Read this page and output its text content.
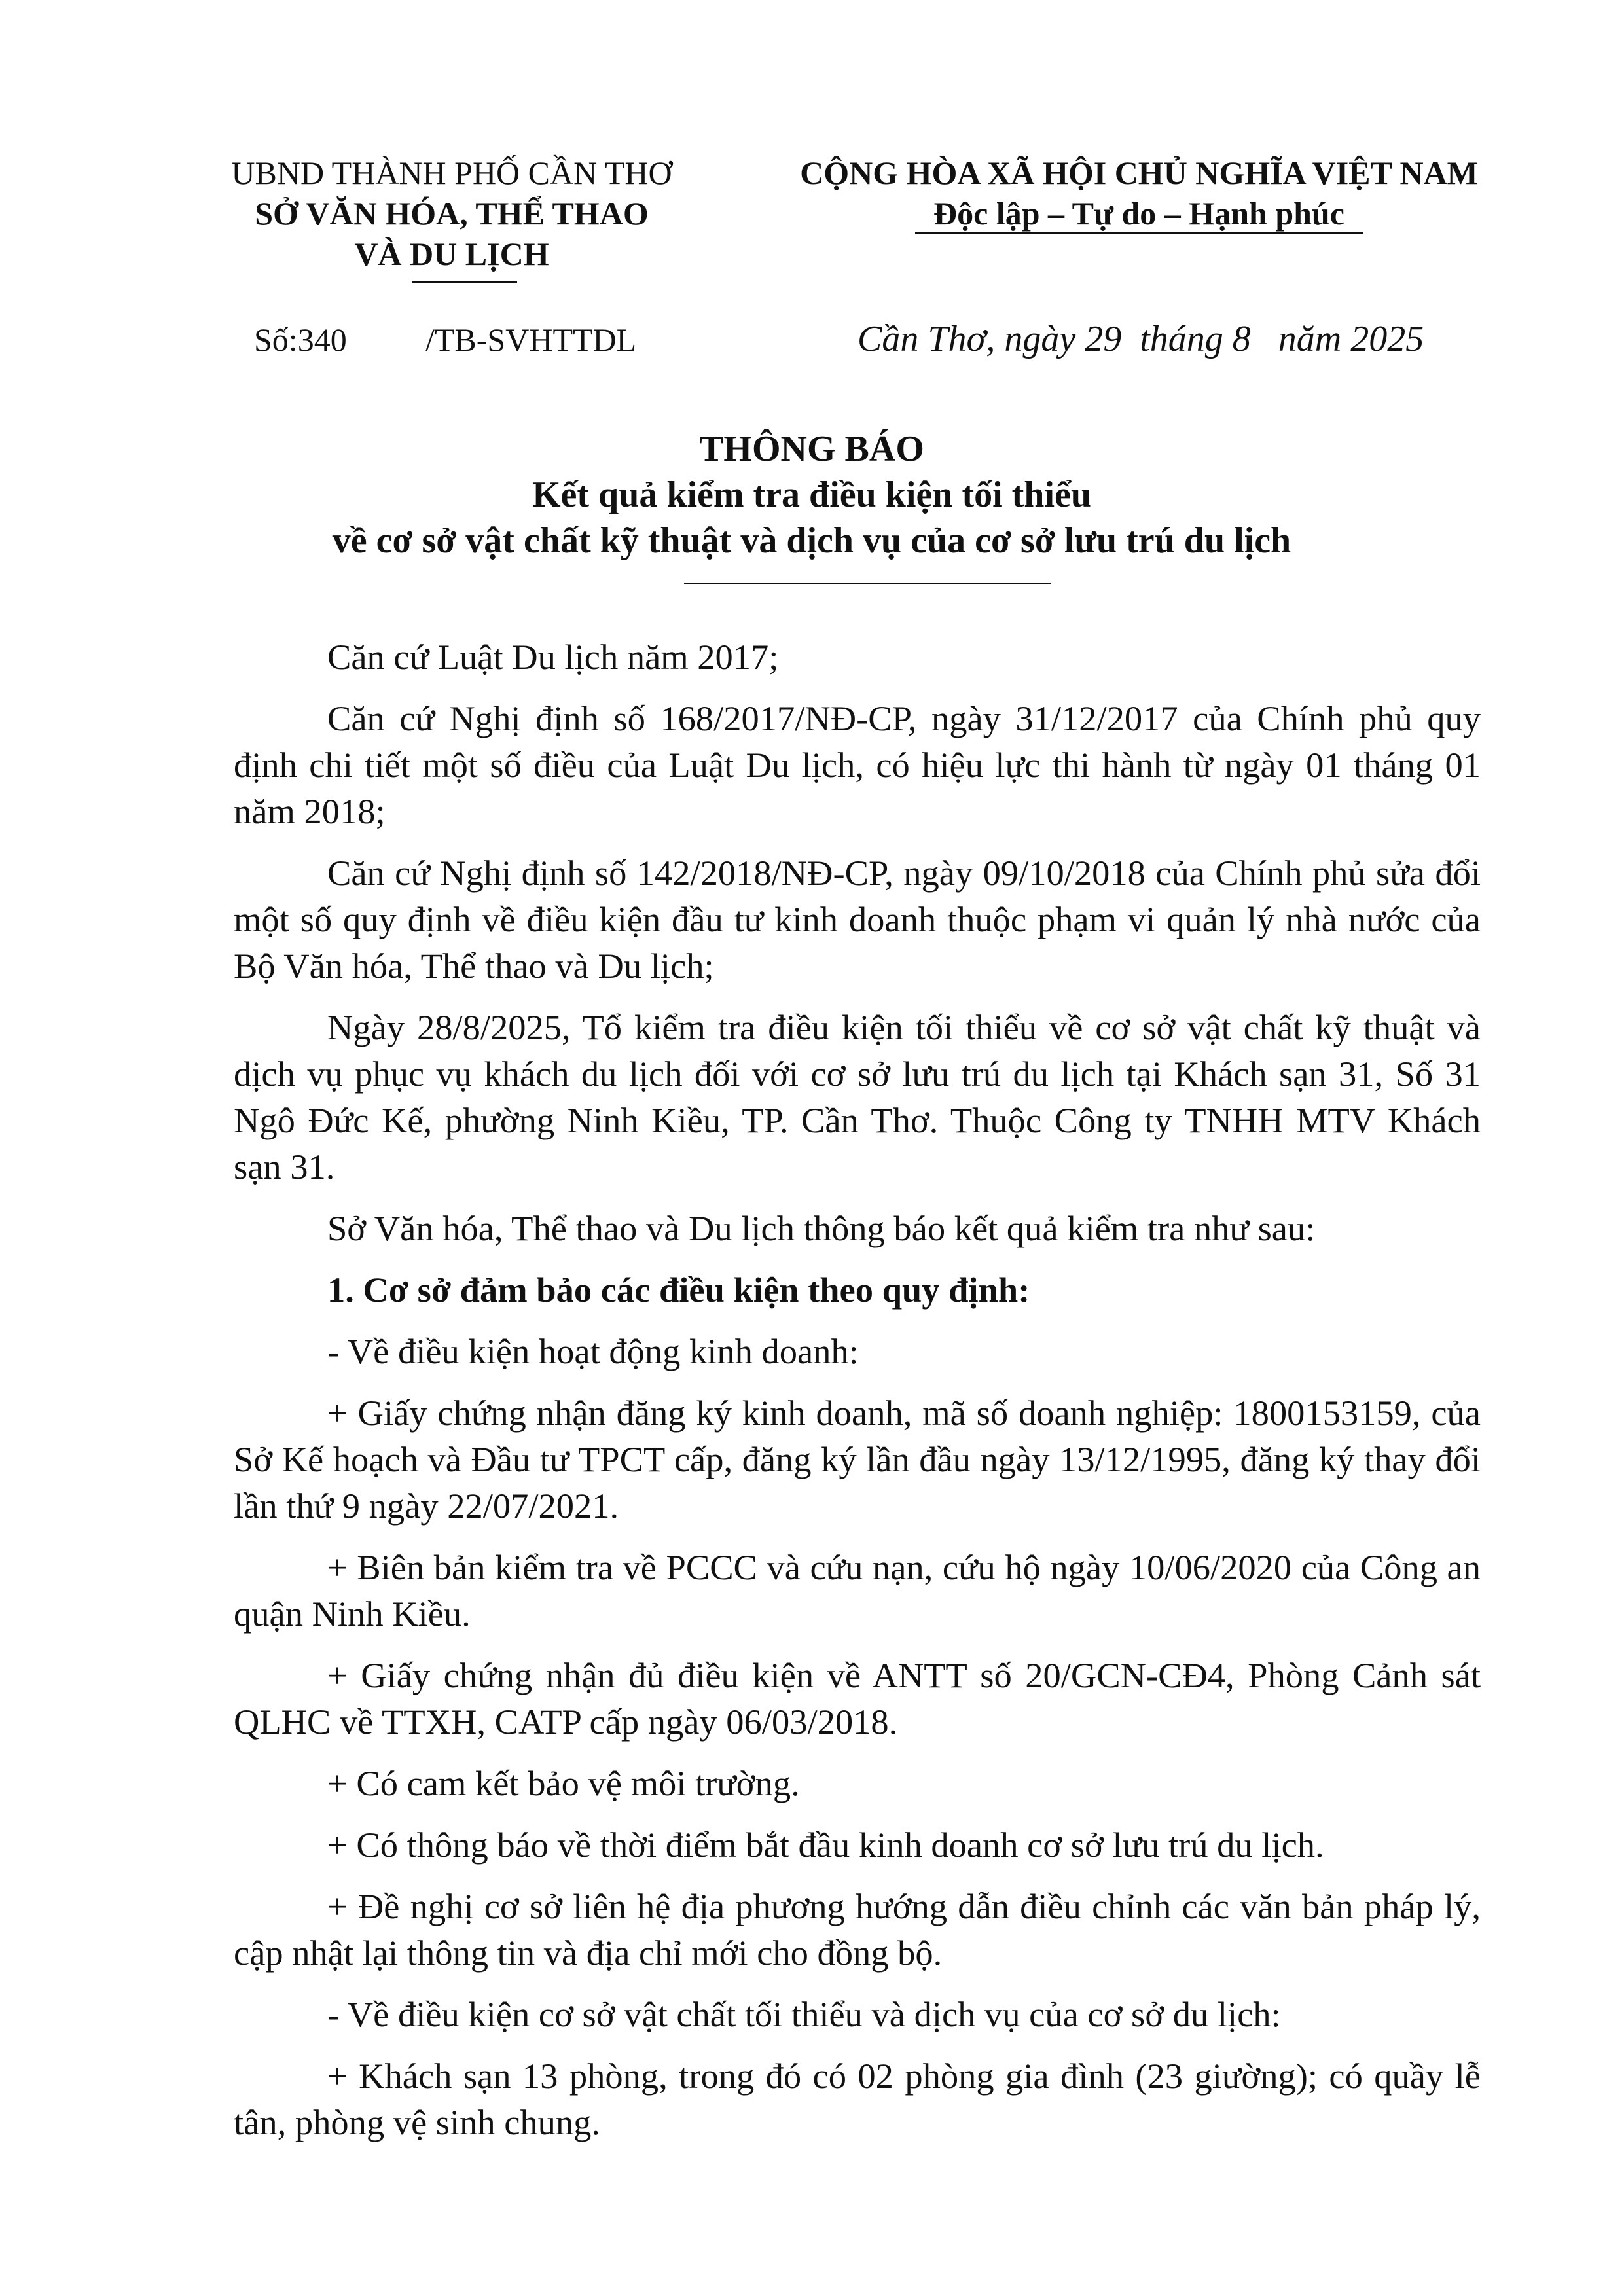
UBND THÀNH PHỐ CẦN THƠ
SỞ VĂN HÓA, THỂ THAO
VÀ DU LỊCH
CỘNG HÒA XÃ HỘI CHỦ NGHĨA VIỆT NAM
Độc lập – Tự do – Hạnh phúc
Số:340 /TB-SVHTTDL	Cần Thơ, ngày 29  tháng 8   năm 2025
THÔNG BÁO
Kết quả kiểm tra điều kiện tối thiểu
về cơ sở vật chất kỹ thuật và dịch vụ của cơ sở lưu trú du lịch

Căn cứ Luật Du lịch năm 2017;

Căn cứ Nghị định số 168/2017/NĐ-CP, ngày 31/12/2017 của Chính phủ quy định chi tiết một số điều của Luật Du lịch, có hiệu lực thi hành từ ngày 01 tháng 01 năm 2018;

Căn cứ Nghị định số 142/2018/NĐ-CP, ngày 09/10/2018 của Chính phủ sửa đổi một số quy định về điều kiện đầu tư kinh doanh thuộc phạm vi quản lý nhà nước của Bộ Văn hóa, Thể thao và Du lịch;

Ngày 28/8/2025, Tổ kiểm tra điều kiện tối thiểu về cơ sở vật chất kỹ thuật và dịch vụ phục vụ khách du lịch đối với cơ sở lưu trú du lịch tại Khách sạn 31, Số 31 Ngô Đức Kế, phường Ninh Kiều, TP. Cần Thơ. Thuộc Công ty TNHH MTV Khách sạn 31.

Sở Văn hóa, Thể thao và Du lịch thông báo kết quả kiểm tra như sau:

1. Cơ sở đảm bảo các điều kiện theo quy định:

- Về điều kiện hoạt động kinh doanh:

+ Giấy chứng nhận đăng ký kinh doanh, mã số doanh nghiệp: 1800153159, của Sở Kế hoạch và Đầu tư TPCT cấp, đăng ký lần đầu ngày 13/12/1995, đăng ký thay đổi lần thứ 9 ngày 22/07/2021.

+ Biên bản kiểm tra về PCCC và cứu nạn, cứu hộ ngày 10/06/2020 của Công an quận Ninh Kiều.

+ Giấy chứng nhận đủ điều kiện về ANTT số 20/GCN-CĐ4, Phòng Cảnh sát QLHC về TTXH, CATP cấp ngày 06/03/2018.

+ Có cam kết bảo vệ môi trường.

+ Có thông báo về thời điểm bắt đầu kinh doanh cơ sở lưu trú du lịch.

+ Đề nghị cơ sở liên hệ địa phương hướng dẫn điều chỉnh các văn bản pháp lý, cập nhật lại thông tin và địa chỉ mới cho đồng bộ.

- Về điều kiện cơ sở vật chất tối thiểu và dịch vụ của cơ sở du lịch:

+ Khách sạn 13 phòng, trong đó có 02 phòng gia đình (23 giường); có quầy lễ tân, phòng vệ sinh chung.
